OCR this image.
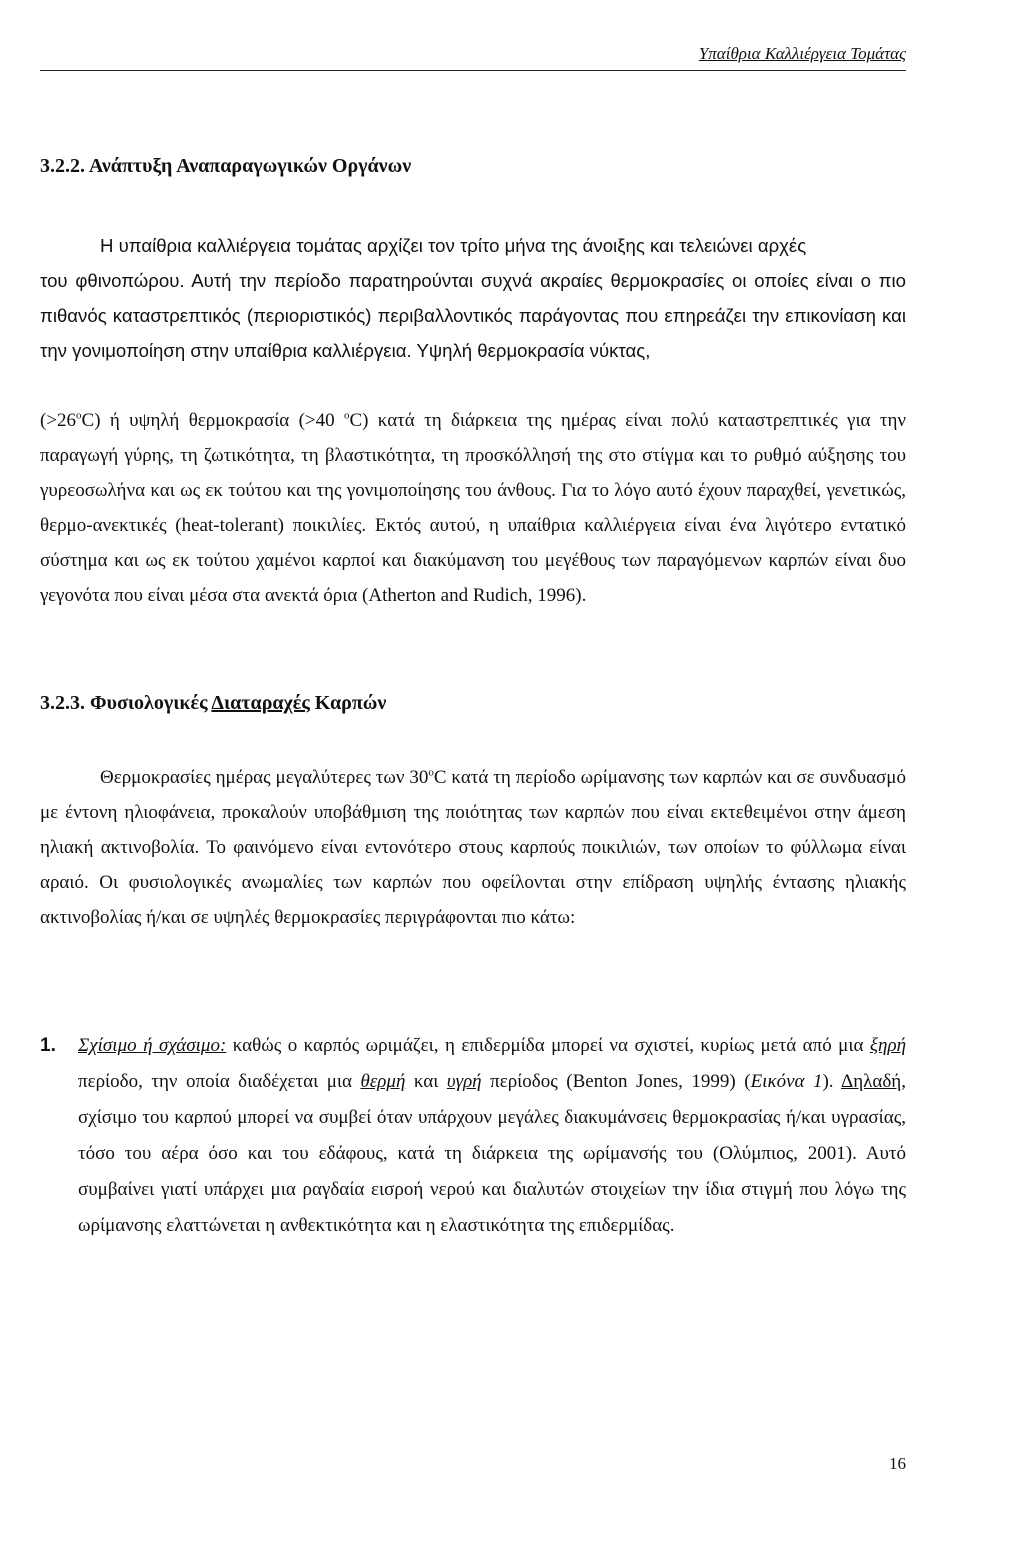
Υπαίθρια Καλλιέργεια Τομάτας
3.2.2. Ανάπτυξη Αναπαραγωγικών Οργάνων

Η υπαίθρια καλλιέργεια τομάτας αρχίζει τον τρίτο μήνα της άνοιξης και τελειώνει αρχές

του φθινοπώρου. Αυτή την περίοδο παρατηρούνται συχνά ακραίες θερμοκρασίες οι οποίες είναι ο πιο πιθανός καταστρεπτικός (περιοριστικός) περιβαλλοντικός παράγοντας που επηρεάζει την επικονίαση και την γονιμοποίηση στην υπαίθρια καλλιέργεια. Υψηλή θερμοκρασία νύκτας,

$(>26^oC)$ ή υψηλή θερμοκρασία (>40 $^o$C) κατά τη διάρκεια της ημέρας είναι πολύ καταστρεπτικές για την παραγωγή γύρης, τη ζωτικότητα, τη βλαστικότητα, τη προσκόλλησή της στο στίγμα και το ρυθμό αύξησης του γυρεοσωλήνα και ως εκ τούτου και της γονιμοποίησης του άνθους. Για το λόγο αυτό έχουν παραχθεί, γενετικώς, θερμο-ανεκτικές (heat-tolerant) ποικιλίες. Εκτός αυτού, η υπαίθρια καλλιέργεια είναι ένα λιγότερο εντατικό σύστημα και ως εκ τούτου χαμένοι καρποί και διακύμανση του μεγέθους των παραγόμενων καρπών είναι δυο γεγονότα που είναι μέσα στα ανεκτά όρια (Atherton and Rudich, 1996).

3.2.3. Φυσιολογικές Διαταραχές Καρπών

Θερμοκρασίες ημέρας μεγαλύτερες των 30$^o$C κατά τη περίοδο ωρίμανσης των καρπών και σε συνδυασμό με έντονη ηλιοφάνεια, προκαλούν υποβάθμιση της ποιότητας των καρπών που είναι εκτεθειμένοι στην άμεση ηλιακή ακτινοβολία. Το φαινόμενο είναι εντονότερο στους καρπούς ποικιλιών, των οποίων το φύλλωμα είναι αραιό. Οι φυσιολογικές ανωμαλίες των καρπών που οφείλονται στην επίδραση υψηλής έντασης ηλιακής ακτινοβολίας ή/και σε υψηλές θερμοκρασίες περιγράφονται πιο κάτω:

1. Σχίσιμο ή σχάσιμο: καθώς ο καρπός ωριμάζει, η επιδερμίδα μπορεί να σχιστεί, κυρίως μετά από μια ξηρή περίοδο, την οποία διαδέχεται μια θερμή και υγρή περίοδος (Benton Jones, 1999) (Εικόνα 1). Δηλαδή, σχίσιμο του καρπού μπορεί να συμβεί όταν υπάρχουν μεγάλες διακυμάνσεις θερμοκρασίας ή/και υγρασίας, τόσο του αέρα όσο και του εδάφους, κατά τη διάρκεια της ωρίμανσής του (Ολύμπιος, 2001). Αυτό συμβαίνει γιατί υπάρχει μια ραγδαία εισροή νερού και διαλυτών στοιχείων την ίδια στιγμή που λόγω της ωρίμανσης ελαττώνεται η ανθεκτικότητα και η ελαστικότητα της επιδερμίδας.

16
